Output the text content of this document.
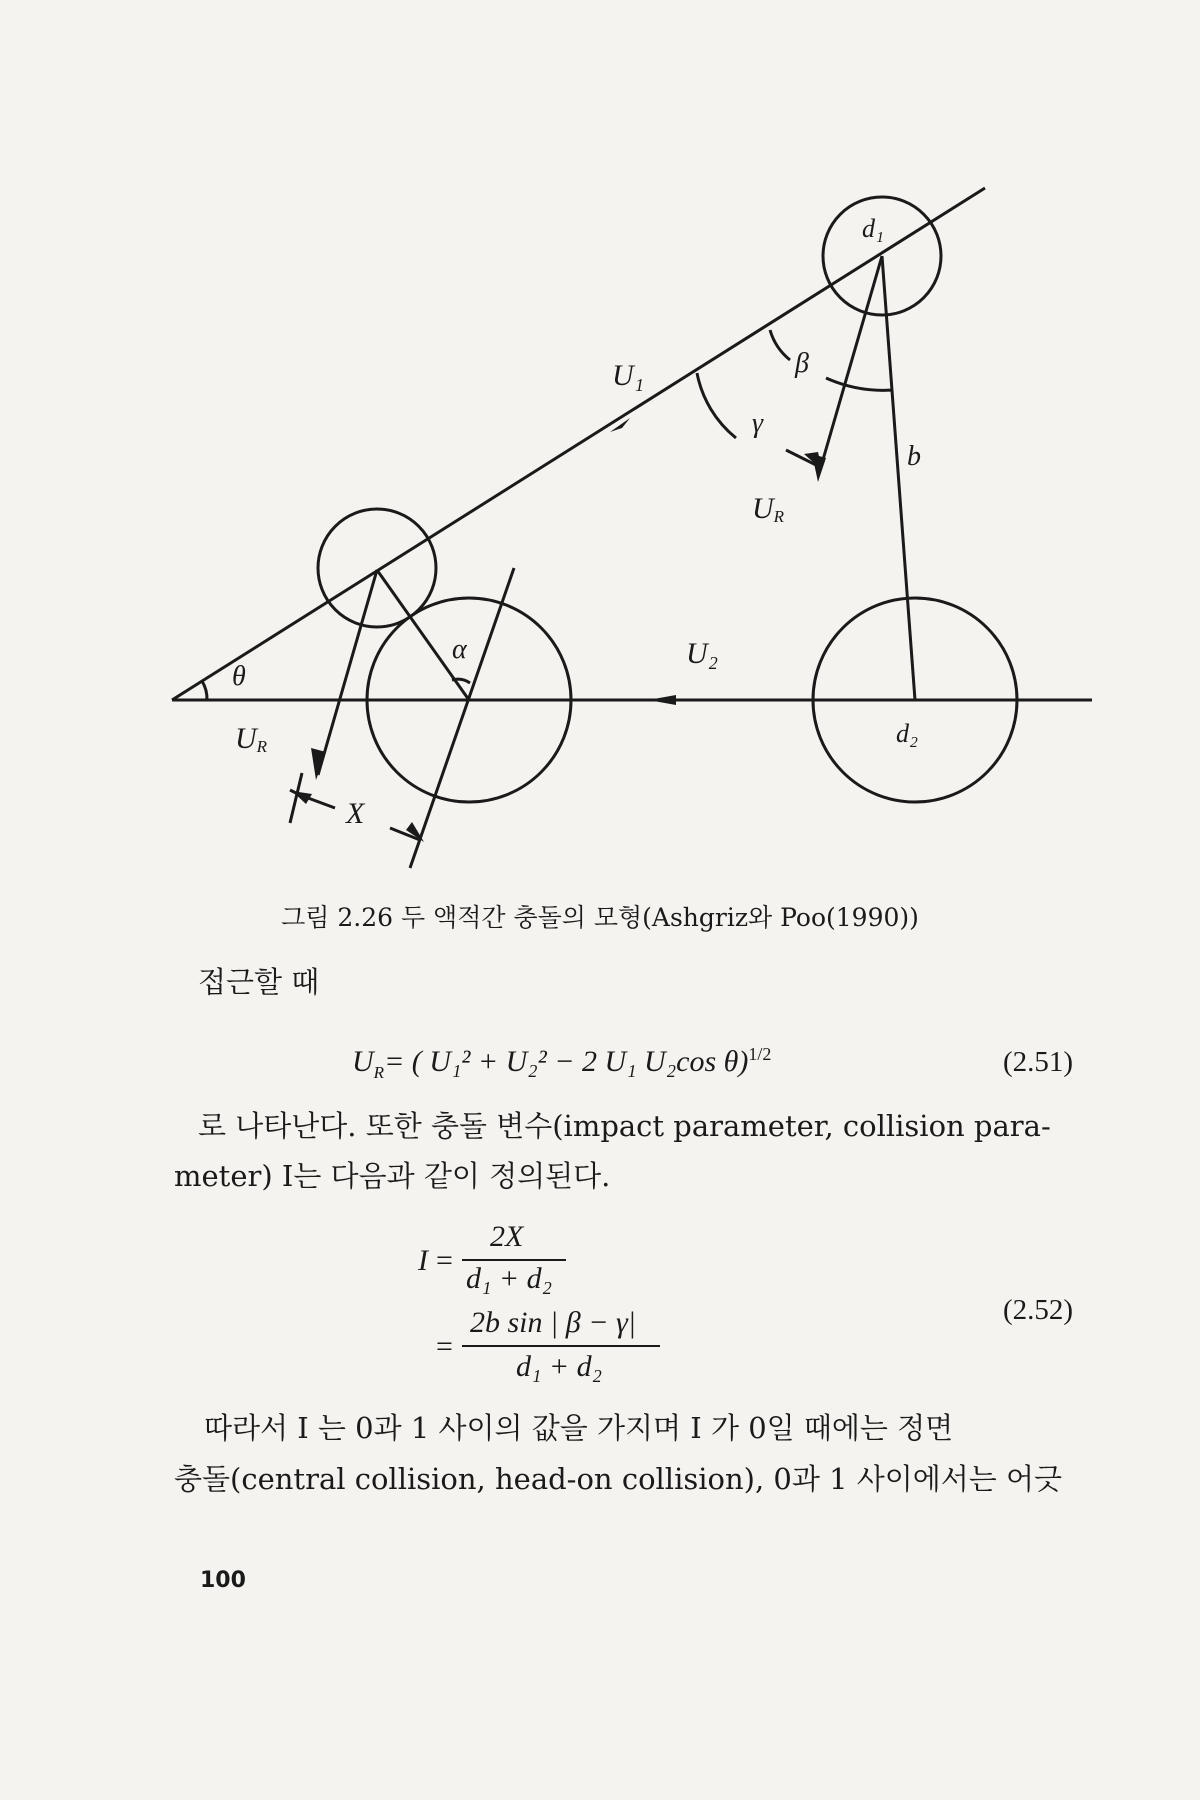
d₁
U₁	β
γ
b
UR
θ
α	U₂
UR	d₂
X
그림 2.26 두 액적간 충돌의 모형(Ashgriz와 Poo(1990))
접근할 때
$U_R=$ ( U₁² + U₂² − 2 U₁ U₂cos θ)$^{1/2}$	(2.51)
로 나타난다. 또한 충돌 변수(impact parameter, collision para-
meter) I는 다음과 같이 정의된다.
I =
2X
d₁ + d₂
=
2b sin | β − γ|
d₁ + d₂
(2.52)
따라서 I 는 0과 1 사이의 값을 가지며 I 가 0일 때에는 정면
충돌(central collision, head-on collision), 0과 1 사이에서는 어긋
100
